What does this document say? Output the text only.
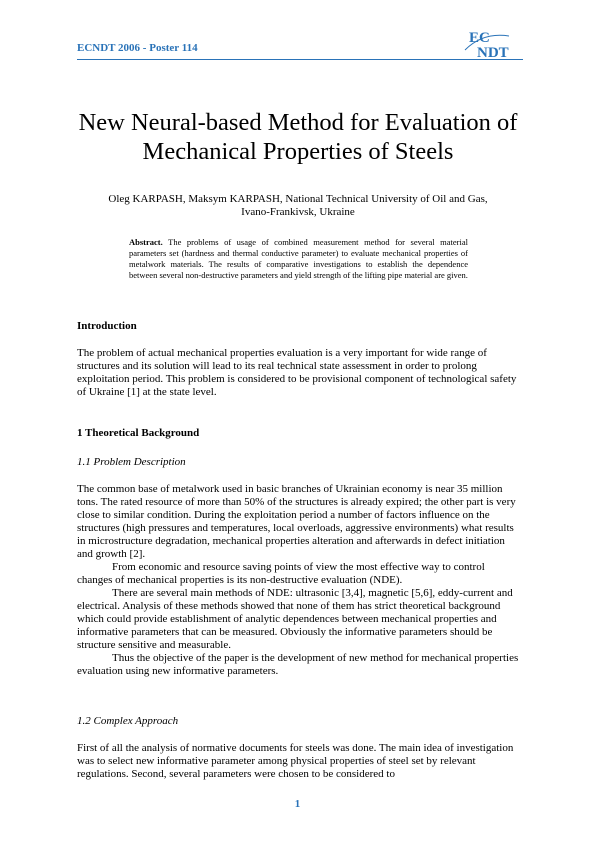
ECNDT 2006 - Poster 114
EC
NDT
New Neural-based Method for Evaluation of Mechanical Properties of Steels
Oleg KARPASH, Maksym KARPASH, National Technical University of Oil and Gas,
Ivano-Frankivsk, Ukraine
Abstract. The problems of usage of combined measurement method for several material parameters set (hardness and thermal conductive parameter) to evaluate mechanical properties of metalwork materials. The results of comparative investigations to establish the dependence between several non-destructive parameters and yield strength of the lifting pipe material are given.
Introduction

The problem of actual mechanical properties evaluation is a very important for wide range of structures and its solution will lead to its real technical state assessment in order to prolong exploitation period. This problem is considered to be provisional component of technological safety of Ukraine [1] at the state level.

1 Theoretical Background
1.1 Problem Description

The common base of metalwork used in basic branches of Ukrainian economy is near 35 million tons. The rated resource of more than 50% of the structures is already expired; the other part is very close to similar condition. During the exploitation period a number of factors influence on the structures (high pressures and temperatures, local overloads, aggressive environments) what results in microstructure degradation, mechanical properties alteration and afterwards in defect initiation and growth [2].

From economic and resource saving points of view the most effective way to control changes of mechanical properties is its non-destructive evaluation (NDE).

There are several main methods of NDE: ultrasonic [3,4], magnetic [5,6], eddy-current and electrical. Analysis of these methods showed that none of them has strict theoretical background which could provide establishment of analytic dependences between mechanical properties and informative parameters that can be measured. Obviously the informative parameters should be structure sensitive and measurable.

Thus the objective of the paper is the development of new method for mechanical properties evaluation using new informative parameters.

1.2 Complex Approach

First of all the analysis of normative documents for steels was done. The main idea of investigation was to select new informative parameter among physical properties of steel set by relevant regulations. Second, several parameters were chosen to be considered to

1
